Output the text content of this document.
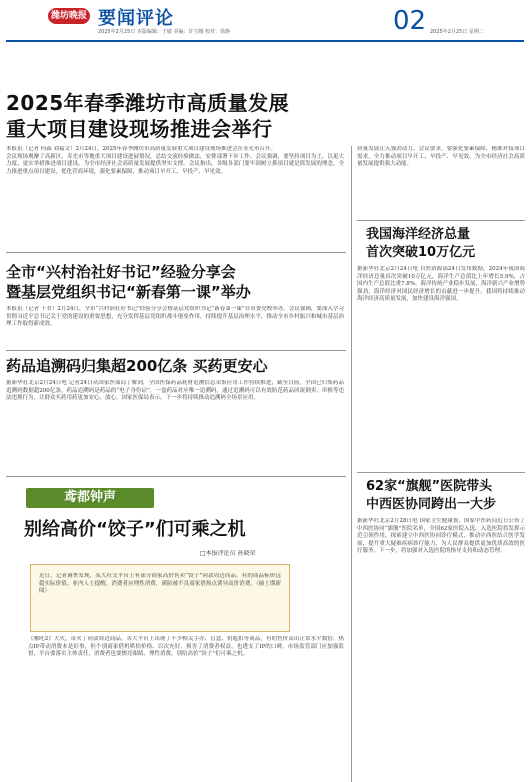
潍坊晚报 要闻评论
2025年2月25日 本版编辑：于敏 美编：许宝娜 校对：徐静	02 2025年2月25日 星期二
2025年春季潍坊市高质量发展
重大项目建设现场推进会举行

本报讯（记者 何淼 刘福文）2月24日，2025年春季潍坊市高质量发展重大项目建设现场推进会在寿光市召开。

会议现场观摩了高新区、寿光市等地重大项目建设进展情况，总结交流经验做法，安排部署下步工作。会议强调，要坚持项目为王，以更大力度、更实举措推进项目建设，为全市经济社会高质量发展提供坚实支撑。会议指出，各级各部门要牢固树立抓项目就是抓发展的理念，全力推进重点项目建设，优化营商环境，强化要素保障，推动项目早开工、早投产、早见效。

质量发展注入强劲动力。会议要求，要强化要素保障，精准对接项目需求，全力推动项目早开工、早投产、早见效，为全市经济社会高质量发展提供强大动能。
全市“兴村治社好书记”经验分享会
暨基层党组织书记“新春第一课”举办
本报讯（记者 于君）2月24日，全市“兴村治社好书记”经验分享会暨基层党组织书记“新春第一课”在市委党校举办。会议强调，要深入学习贯彻习近平总书记关于党的建设的重要思想，充分发挥基层党组织战斗堡垒作用，持续提升基层治理水平，推动全市乡村振兴和城市基层治理工作取得新成效。
药品追溯码归集超200亿条 买药更安心
据新华社北京2月24日电 记者24日从国家医保局了解到，全国医保药品耗材追溯信息采集应用工作持续推进，截至目前，全国已归集药品追溯码数据超200亿条。药品追溯码是药品的“电子身份证”，一盒药品对应唯一追溯码，通过追溯码可以有效防范药品回流倒卖、串换等违法违规行为，让群众买药用药更加安心、放心。国家医保局表示，下一步将持续推动追溯码全场景应用。
鸢都钟声
别给高价“饺子”们可乘之机
□本报评论员 孙晓荣
近日，记者调查发现，某大社交平台上有部分商家高价售卖“饺子”同款周边商品，有的商品标价远超实际价值。业内人士提醒，消费者应理性消费，谨防被不良商家借热点诱导高价消费。（摘上期新闻）
《哪吒2》大火，带火了同款周边商品。各大平台上出现了不少相关手办、盲盒、钥匙扣等商品，有的售价高出正常水平数倍。热点IP带动消费本是好事，但个别商家借机哄抬价格、以次充好，损害了消费者权益，也透支了IP的口碑。市场监管部门应加强监督，平台要落实主体责任，消费者也要擦亮眼睛、理性消费，别给高价“饺子”们可乘之机。
我国海洋经济总量
首次突破10万亿元
据新华社北京2月24日电 自然资源部24日发布数据，2024年我国海洋经济总量首次突破10万亿元，海洋生产总值比上年增长5.9%，占国内生产总值比重7.8%。海洋传统产业稳步发展，海洋新兴产业增势强劲，海洋经济对国民经济增长的贡献进一步提升。我国将持续推动海洋经济高质量发展，加快建设海洋强国。
62家“旗舰”医院带头
中西医协同跨出一大步
据新华社北京2月28日电 国家卫生健康委、国家中医药局近日公布了中西医协同“旗舰”医院名单，全国62家医院入选。入选医院将发挥示范引领作用，探索建立中西医协同诊疗模式，推动中西医结合医学发展，提升重大疑难疾病诊疗能力，为人民群众提供更加优质高效的医疗服务。下一步，将加强对入选医院的指导支持和动态管理。
